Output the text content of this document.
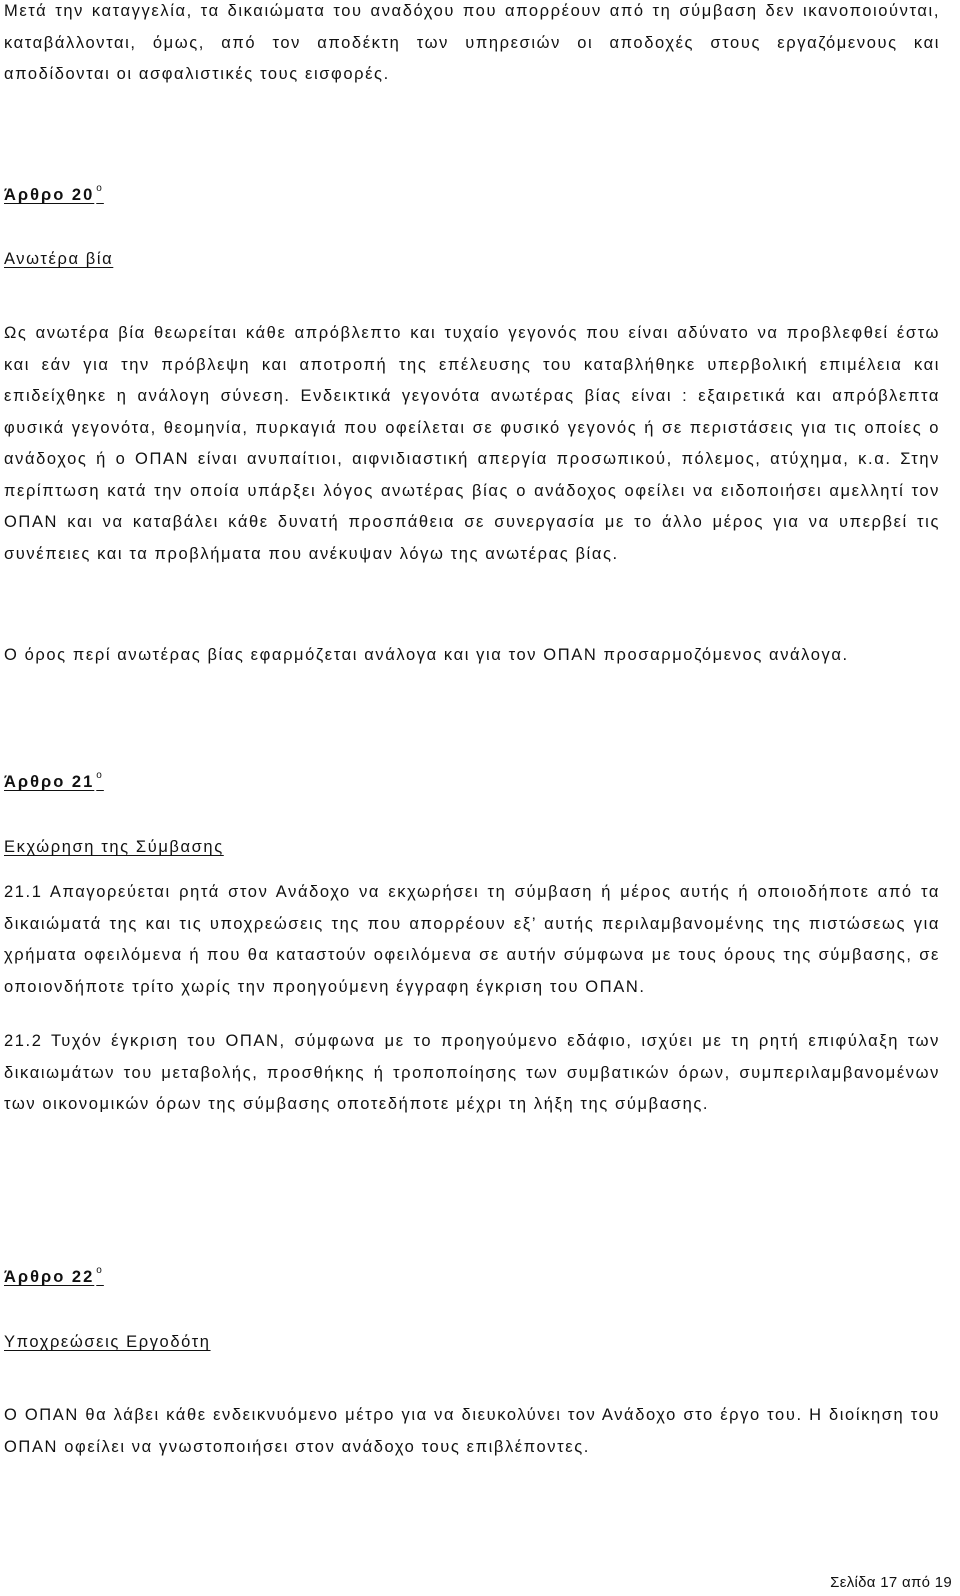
Μετά την καταγγελία, τα δικαιώματα του αναδόχου που απορρέουν από τη σύμβαση δεν ικανοποιούνται, καταβάλλονται, όμως, από τον αποδέκτη των υπηρεσιών οι αποδοχές στους εργαζόμενους και αποδίδονται οι ασφαλιστικές τους εισφορές.

Άρθρο 20 $^o$

Ανωτέρα βία

Ως ανωτέρα βία θεωρείται κάθε απρόβλεπτο και τυχαίο γεγονός που είναι αδύνατο να προβλεφθεί έστω και εάν για την πρόβλεψη και αποτροπή της επέλευσης του καταβλήθηκε υπερβολική επιμέλεια και επιδείχθηκε η ανάλογη σύνεση. Ενδεικτικά γεγονότα ανωτέρας βίας είναι : εξαιρετικά και απρόβλεπτα φυσικά γεγονότα, θεομηνία, πυρκαγιά που οφείλεται σε φυσικό γεγονός ή σε περιστάσεις για τις οποίες ο ανάδοχος ή ο ΟΠΑΝ είναι ανυπαίτιοι, αιφνιδιαστική απεργία προσωπικού, πόλεμος, ατύχημα, κ.α. Στην περίπτωση κατά την οποία υπάρξει λόγος ανωτέρας βίας ο ανάδοχος οφείλει να ειδοποιήσει αμελλητί τον ΟΠΑΝ και να καταβάλει κάθε δυνατή προσπάθεια σε συνεργασία με το άλλο μέρος για να υπερβεί τις συνέπειες και τα προβλήματα που ανέκυψαν λόγω της ανωτέρας βίας.

Ο όρος περί ανωτέρας βίας εφαρμόζεται ανάλογα και για τον ΟΠΑΝ προσαρμοζόμενος ανάλογα.

Άρθρο 21 $^o$

Εκχώρηση της Σύμβασης

21.1 Απαγορεύεται ρητά στον Ανάδοχο να εκχωρήσει τη σύμβαση ή μέρος αυτής ή οποιοδήποτε από τα δικαιώματά της και τις υποχρεώσεις της που απορρέουν εξ’ αυτής περιλαμβανομένης της πιστώσεως για χρήματα οφειλόμενα ή που θα καταστούν οφειλόμενα σε αυτήν σύμφωνα με τους όρους της σύμβασης, σε οποιονδήποτε τρίτο χωρίς την προηγούμενη έγγραφη έγκριση του ΟΠΑΝ.

21.2 Τυχόν έγκριση του ΟΠΑΝ, σύμφωνα με το προηγούμενο εδάφιο, ισχύει με τη ρητή επιφύλαξη των δικαιωμάτων του μεταβολής, προσθήκης ή τροποποίησης των συμβατικών όρων, συμπεριλαμβανομένων των οικονομικών όρων της σύμβασης οποτεδήποτε μέχρι τη λήξη της σύμβασης.

Άρθρο 22 $^o$

Υποχρεώσεις Εργοδότη

Ο ΟΠΑΝ θα λάβει κάθε ενδεικνυόμενο μέτρο για να διευκολύνει τον Ανάδοχο στο έργο του. Η διοίκηση του ΟΠΑΝ οφείλει να γνωστοποιήσει στον ανάδοχο τους επιβλέποντες.

Σελίδα 17 από 19
